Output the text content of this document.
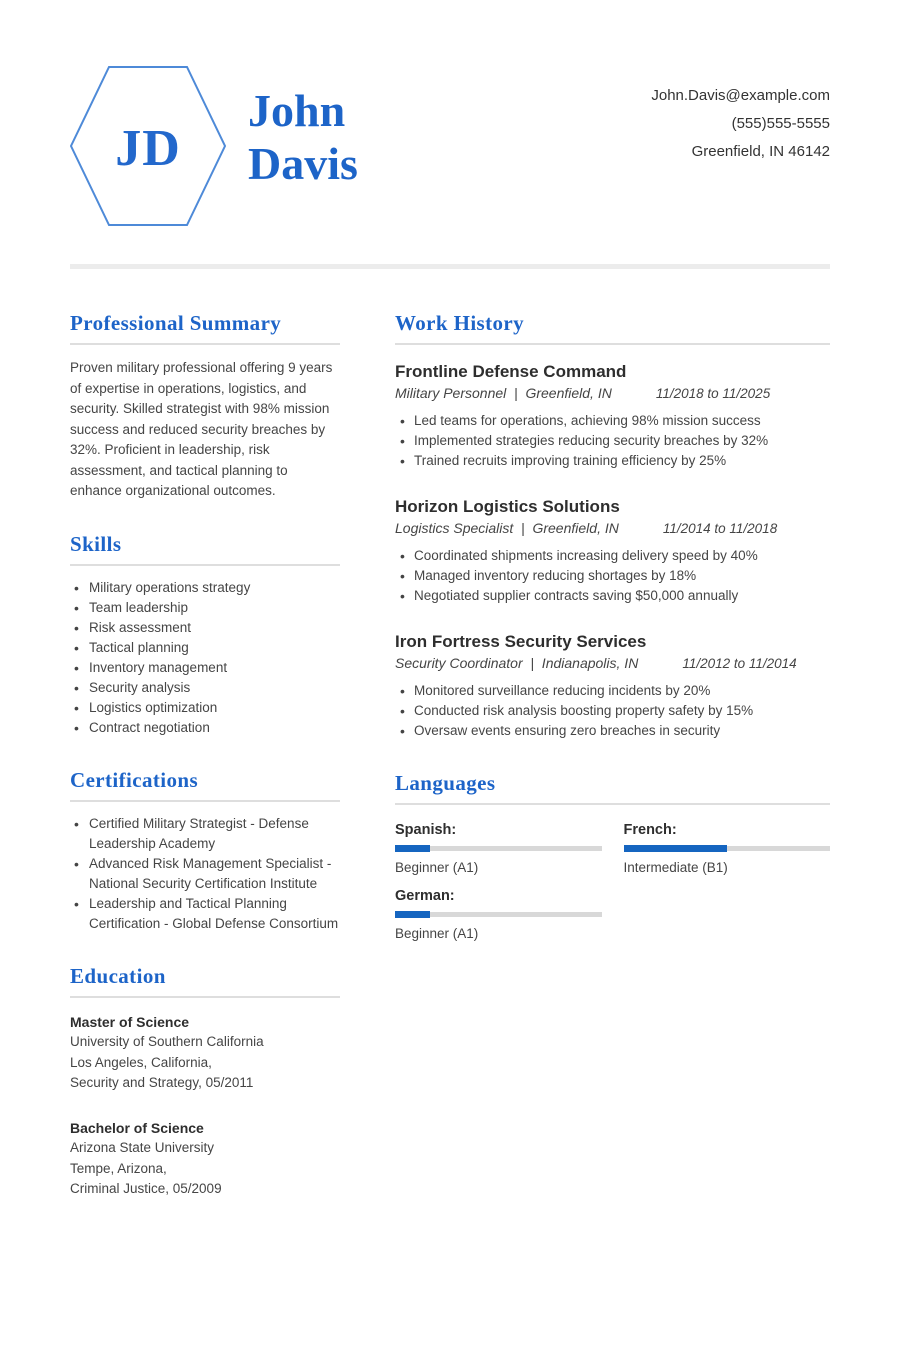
JD
John
Davis
John.Davis@example.com
(555)555-5555
Greenfield, IN 46142
Professional Summary
Proven military professional offering 9 years of expertise in operations, logistics, and security. Skilled strategist with 98% mission success and reduced security breaches by 32%. Proficient in leadership, risk assessment, and tactical planning to enhance organizational outcomes.
Skills
• Military operations strategy
• Team leadership
• Risk assessment
• Tactical planning
• Inventory management
• Security analysis
• Logistics optimization
• Contract negotiation
Certifications
• Certified Military Strategist - Defense Leadership Academy
• Advanced Risk Management Specialist - National Security Certification Institute
• Leadership and Tactical Planning Certification - Global Defense Consortium
Education
Master of Science
University of Southern California
Los Angeles, California,
Security and Strategy, 05/2011
Bachelor of Science
Arizona State University
Tempe, Arizona,
Criminal Justice, 05/2009
Work History
Frontline Defense Command
Military Personnel  |  Greenfield, IN	11/2018 to 11/2025
• Led teams for operations, achieving 98% mission success
• Implemented strategies reducing security breaches by 32%
• Trained recruits improving training efficiency by 25%
Horizon Logistics Solutions
Logistics Specialist  |  Greenfield, IN	11/2014 to 11/2018
• Coordinated shipments increasing delivery speed by 40%
• Managed inventory reducing shortages by 18%
• Negotiated supplier contracts saving $50,000 annually
Iron Fortress Security Services
Security Coordinator  |  Indianapolis, IN	11/2012 to 11/2014
• Monitored surveillance reducing incidents by 20%
• Conducted risk analysis boosting property safety by 15%
• Oversaw events ensuring zero breaches in security
Languages
Spanish:
Beginner (A1)
French:
Intermediate (B1)
German:
Beginner (A1)
